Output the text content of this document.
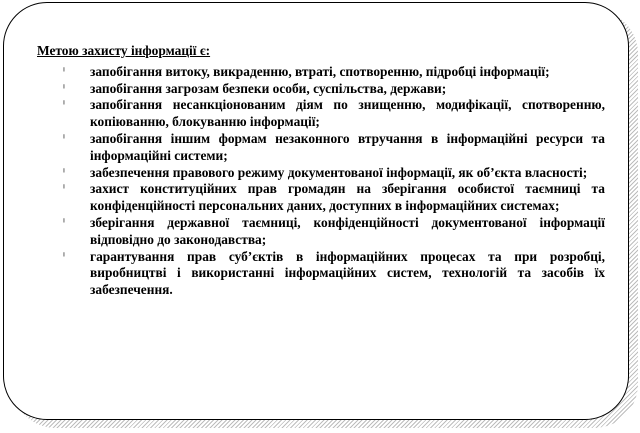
Метою захисту інформації є:
ⁱ запобігання витоку, викраденню, втраті, спотворенню, підробці інформації;
ⁱ запобігання загрозам безпеки особи, суспільства, держави;
ⁱ запобігання несанкціонованим діям по знищенню, модифікації, спотворенню, копіюванню, блокуванню інформації;
ⁱ запобігання іншим формам незаконного втручання в інформаційні ресурси та інформаційні системи;
ⁱ забезпечення правового режиму документованої інформації, як об’єкта власності;
ⁱ захист конституційних прав громадян на зберігання особистої таємниці та конфіденційності персональних даних, доступних в інформаційних системах;
ⁱ зберігання державної таємниці, конфіденційності документованої інформації відповідно до законодавства;
ⁱ гарантування прав суб’єктів в інформаційних процесах та при розробці, виробництві і використанні інформаційних систем, технологій та засобів їх забезпечення.
